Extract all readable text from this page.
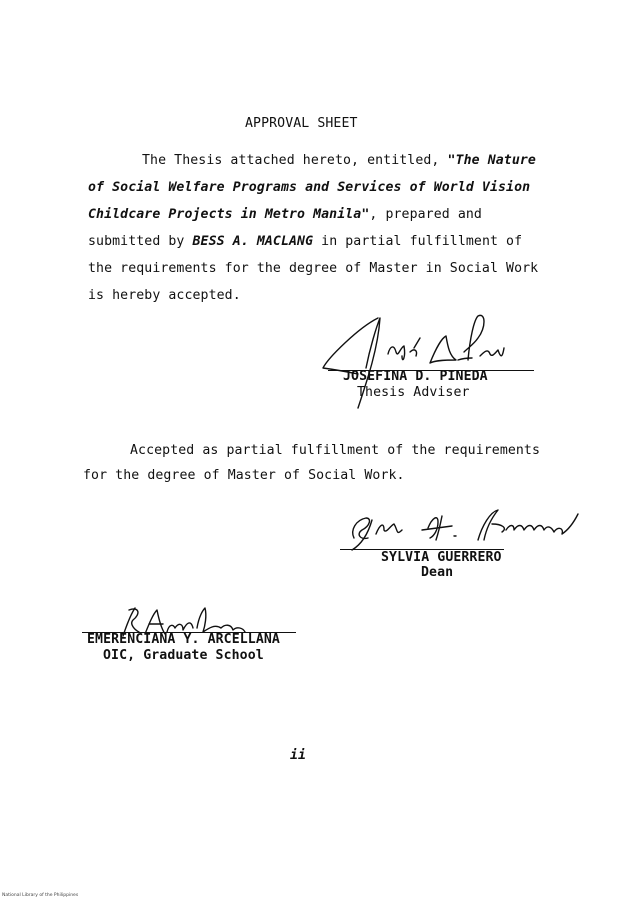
APPROVAL SHEET
The Thesis attached hereto, entitled, "The Nature
of Social Welfare Programs and Services of World Vision
Childcare Projects in Metro Manila", prepared and
submitted by BESS A. MACLANG in partial fulfillment of
the requirements for the degree of Master in Social Work
is hereby accepted.
JOSEFINA D. PINEDA
Thesis Adviser
Accepted as partial fulfillment of the requirements
for the degree of Master of Social Work.
SYLVIA GUERRERO
Dean
EMERENCIANA Y. ARCELLANA
OIC, Graduate School
ii
National Library of the Philippines
